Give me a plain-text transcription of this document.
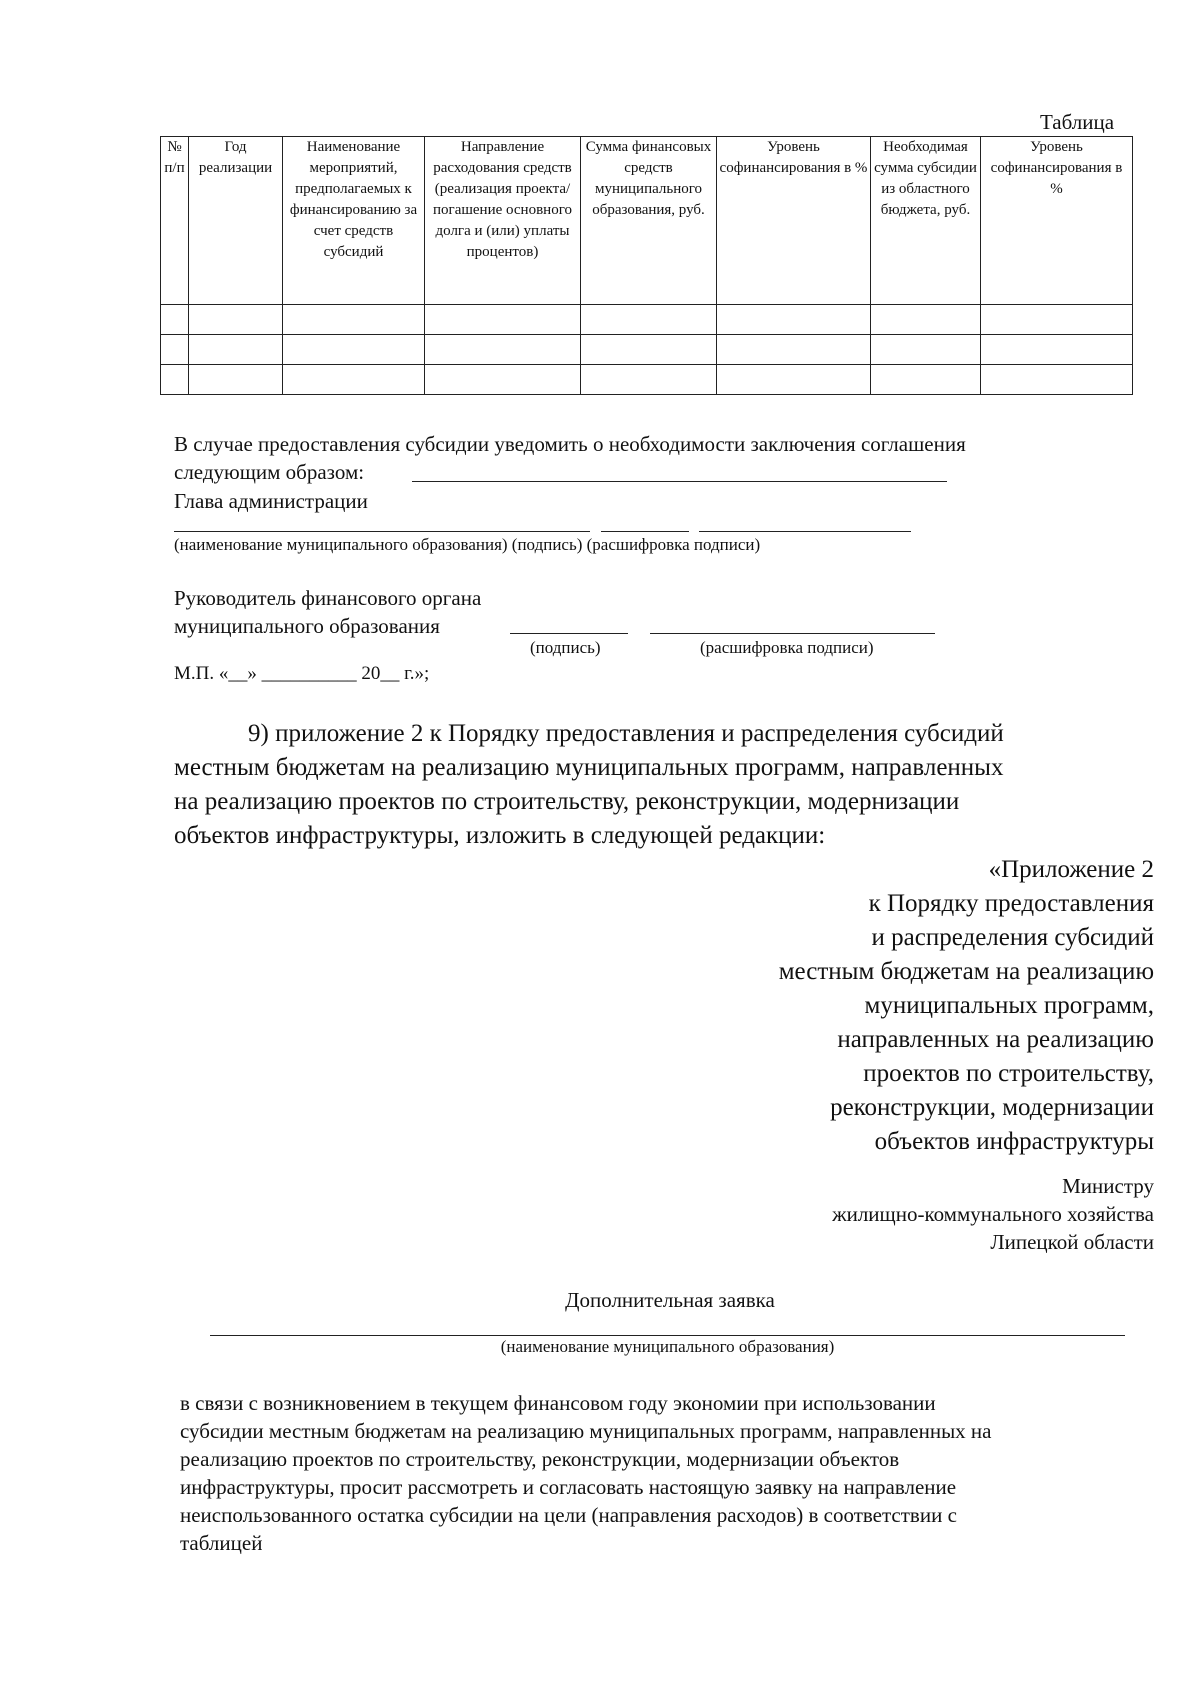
Таблица
№ п/п	Год реализации	Наименование мероприятий, предполагаемых к финансированию за счет средств субсидий	Направление расходования средств (реализация проекта/погашение основного долга и (или) уплаты процентов)	Сумма финансовых средств муниципального образования, руб.	Уровень софинансирования в %	Необходимая сумма субсидии из областного бюджета, руб.	Уровень софинансирования в %

В случае предоставления субсидии уведомить о необходимости заключения соглашения
следующим образом:
Глава администрации
(наименование муниципального образования) (подпись) (расшифровка подписи)
Руководитель финансового органа
муниципального образования
(подпись)	(расшифровка подписи)
М.П. «__» __________ 20__ г.»;
9) приложение 2 к Порядку предоставления и распределения субсидий
местным бюджетам на реализацию муниципальных программ, направленных
на реализацию проектов по строительству, реконструкции, модернизации
объектов инфраструктуры, изложить в следующей редакции:
«Приложение 2
к Порядку предоставления
и распределения субсидий
местным бюджетам на реализацию
муниципальных программ,
направленных на реализацию
проектов по строительству,
реконструкции, модернизации
объектов инфраструктуры
Министру
жилищно-коммунального хозяйства
Липецкой области
Дополнительная заявка
(наименование муниципального образования)
в связи с возникновением в текущем финансовом году экономии при использовании
субсидии местным бюджетам на реализацию муниципальных программ, направленных на
реализацию проектов по строительству, реконструкции, модернизации объектов
инфраструктуры, просит рассмотреть и согласовать настоящую заявку на направление
неиспользованного остатка субсидии на цели (направления расходов) в соответствии с
таблицей
